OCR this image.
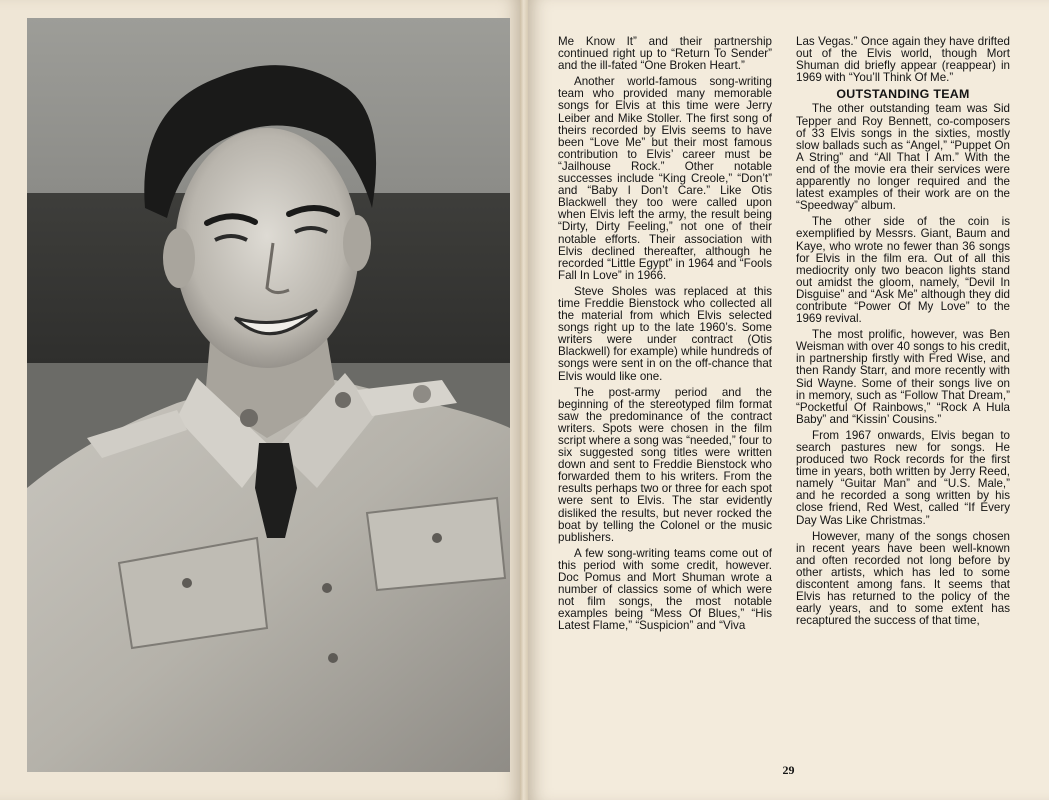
Me Know It” and their partnership continued right up to “Return To Sender” and the ill-fated “One Broken Heart.”

Another world-famous song-writing team who provided many memorable songs for Elvis at this time were Jerry Leiber and Mike Stoller. The first song of theirs recorded by Elvis seems to have been “Love Me” but their most famous contribution to Elvis’ career must be “Jailhouse Rock.” Other notable successes include “King Creole,” “Don’t” and “Baby I Don’t Care.” Like Otis Blackwell they too were called upon when Elvis left the army, the result being “Dirty, Dirty Feeling,” not one of their notable efforts. Their association with Elvis declined thereafter, although he recorded “Little Egypt” in 1964 and “Fools Fall In Love” in 1966.

Steve Sholes was replaced at this time Freddie Bienstock who collected all the material from which Elvis selected songs right up to the late 1960’s. Some writers were under contract (Otis Blackwell) for example) while hundreds of songs were sent in on the off-chance that Elvis would like one.

The post-army period and the beginning of the stereotyped film format saw the predominance of the contract writers. Spots were chosen in the film script where a song was “needed,” four to six suggested song titles were written down and sent to Freddie Bienstock who forwarded them to his writers. From the results perhaps two or three for each spot were sent to Elvis. The star evidently disliked the results, but never rocked the boat by telling the Colonel or the music publishers.

A few song-writing teams come out of this period with some credit, however. Doc Pomus and Mort Shuman wrote a number of classics some of which were not film songs, the most notable examples being “Mess Of Blues,” “His Latest Flame,” “Suspicion” and “Viva

Las Vegas.” Once again they have drifted out of the Elvis world, though Mort Shuman did briefly appear (reappear) in 1969 with “You’ll Think Of Me.”

OUTSTANDING TEAM

The other outstanding team was Sid Tepper and Roy Bennett, co-composers of 33 Elvis songs in the sixties, mostly slow ballads such as “Angel,” “Puppet On A String” and “All That I Am.” With the end of the movie era their services were apparently no longer required and the latest examples of their work are on the “Speedway” album.

The other side of the coin is exemplified by Messrs. Giant, Baum and Kaye, who wrote no fewer than 36 songs for Elvis in the film era. Out of all this mediocrity only two beacon lights stand out amidst the gloom, namely, “Devil In Disguise” and “Ask Me” although they did contribute “Power Of My Love” to the 1969 revival.

The most prolific, however, was Ben Weisman with over 40 songs to his credit, in partnership firstly with Fred Wise, and then Randy Starr, and more recently with Sid Wayne. Some of their songs live on in memory, such as “Follow That Dream,” “Pocketful Of Rainbows,” “Rock A Hula Baby” and “Kissin’ Cousins.”

From 1967 onwards, Elvis began to search pastures new for songs. He produced two Rock records for the first time in years, both written by Jerry Reed, namely “Guitar Man” and “U.S. Male,” and he recorded a song written by his close friend, Red West, called “If Every Day Was Like Christmas.”

However, many of the songs chosen in recent years have been well-known and often recorded not long before by other artists, which has led to some discontent among fans. It seems that Elvis has returned to the policy of the early years, and to some extent has recaptured the success of that time,

29
